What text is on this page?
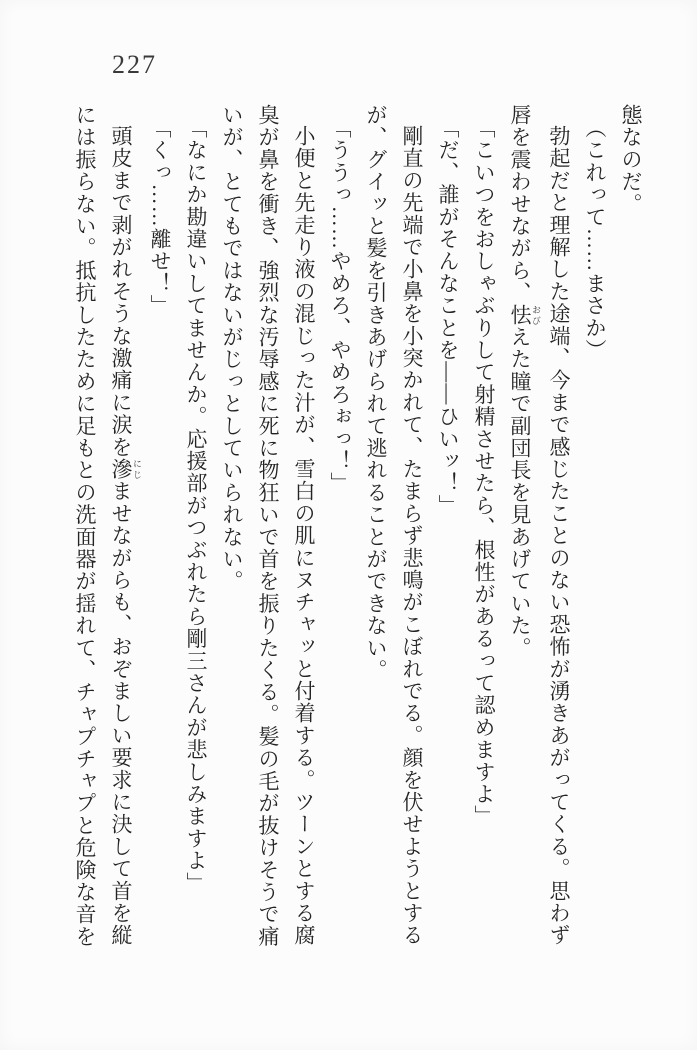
227

態なのだ。

（これって……まさか）

勃起だと理解した途端、今まで感じたことのない恐怖が湧きあがってくる。思わず

唇を震わせながら、怯 おびえた瞳で副団長を見あげていた。

「こいつをおしゃぶりして射精させたら、根性があるって認めますよ」

「だ、誰がそんなことを――ひいッ！」

剛直の先端で小鼻を小突かれて、たまらず悲鳴がこぼれでる。顔を伏せようとする

が、グイッと髪を引きあげられて逃れることができない。

「ううっ……やめろ、やめろぉっ！」

小便と先走り液の混じった汁が、雪白の肌にヌチャッと付着する。ツーンとする腐

臭が鼻を衝き、強烈な汚辱感に死に物狂いで首を振りたくる。髪の毛が抜けそうで痛

いが、とてもではないがじっとしていられない。

「なにか勘違いしてませんか。応援部がつぶれたら剛三さんが悲しみますよ」

「くっ……離せ！」

頭皮まで剥がれそうな激痛に涙を滲 にじませながらも、おぞましい要求に決して首を縦

には振らない。抵抗したために足もとの洗面器が揺れて、チャプチャプと危険な音を
